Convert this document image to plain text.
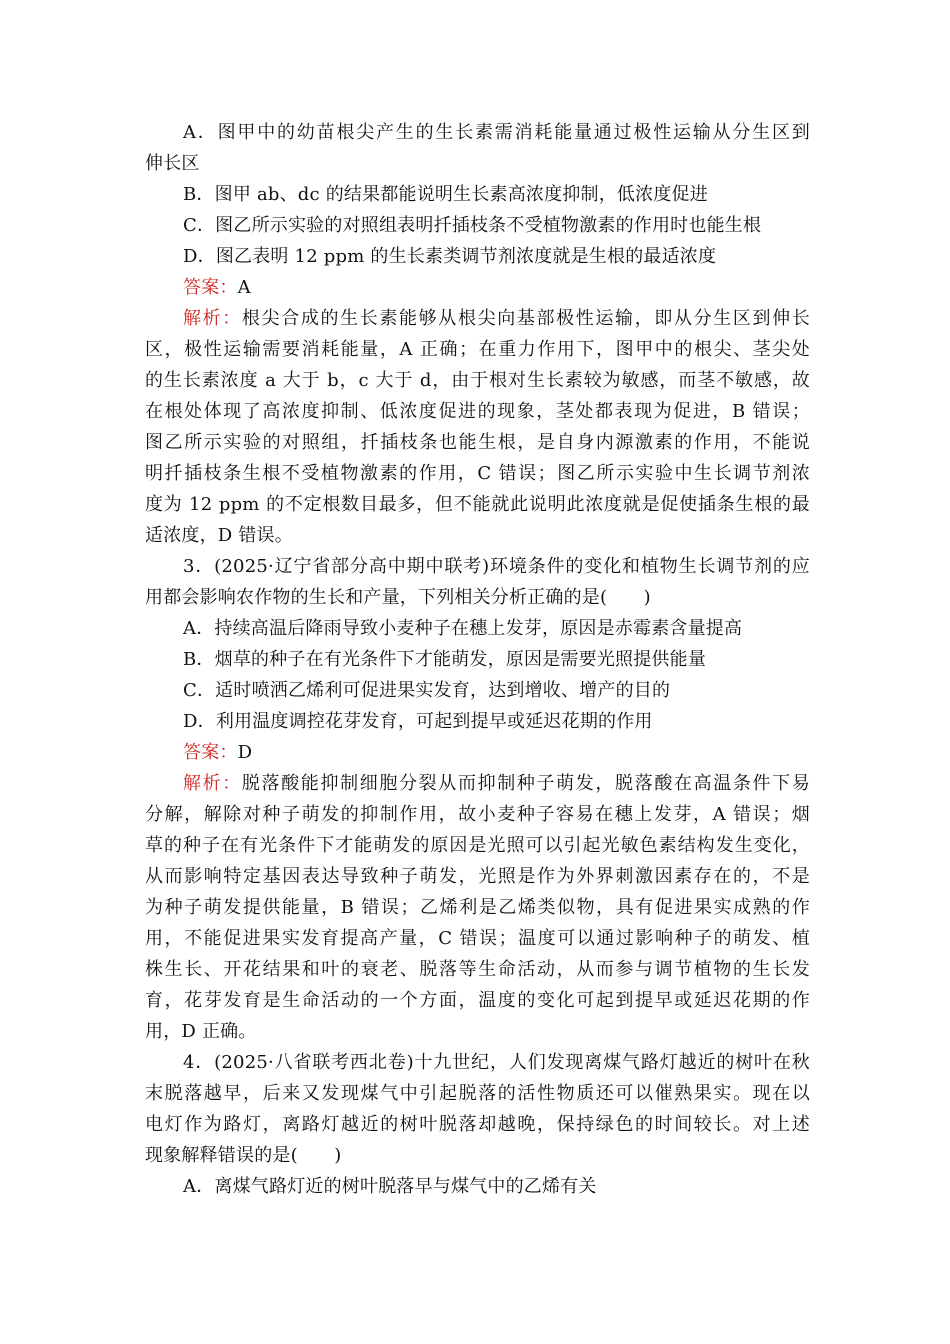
A．图甲中的幼苗根尖产生的生长素需消耗能量通过极性运输从分生区到
伸长区
B．图甲 ab、dc 的结果都能说明生长素高浓度抑制，低浓度促进
C．图乙所示实验的对照组表明扦插枝条不受植物激素的作用时也能生根
D．图乙表明 12 ppm 的生长素类调节剂浓度就是生根的最适浓度
答案：A
解析：根尖合成的生长素能够从根尖向基部极性运输，即从分生区到伸长
区，极性运输需要消耗能量，A 正确；在重力作用下，图甲中的根尖、茎尖处
的生长素浓度 a 大于 b，c 大于 d，由于根对生长素较为敏感，而茎不敏感，故
在根处体现了高浓度抑制、低浓度促进的现象，茎处都表现为促进，B 错误；
图乙所示实验的对照组，扦插枝条也能生根，是自身内源激素的作用，不能说
明扦插枝条生根不受植物激素的作用，C 错误；图乙所示实验中生长调节剂浓
度为 12 ppm 的不定根数目最多，但不能就此说明此浓度就是促使插条生根的最
适浓度，D 错误。
3．(2025·辽宁省部分高中期中联考)环境条件的变化和植物生长调节剂的应
用都会影响农作物的生长和产量，下列相关分析正确的是(　　)
A．持续高温后降雨导致小麦种子在穗上发芽，原因是赤霉素含量提高
B．烟草的种子在有光条件下才能萌发，原因是需要光照提供能量
C．适时喷洒乙烯利可促进果实发育，达到增收、增产的目的
D．利用温度调控花芽发育，可起到提早或延迟花期的作用
答案：D
解析：脱落酸能抑制细胞分裂从而抑制种子萌发，脱落酸在高温条件下易
分解，解除对种子萌发的抑制作用，故小麦种子容易在穗上发芽，A 错误；烟
草的种子在有光条件下才能萌发的原因是光照可以引起光敏色素结构发生变化，
从而影响特定基因表达导致种子萌发，光照是作为外界刺激因素存在的，不是
为种子萌发提供能量，B 错误；乙烯利是乙烯类似物，具有促进果实成熟的作
用，不能促进果实发育提高产量，C 错误；温度可以通过影响种子的萌发、植
株生长、开花结果和叶的衰老、脱落等生命活动，从而参与调节植物的生长发
育，花芽发育是生命活动的一个方面，温度的变化可起到提早或延迟花期的作
用，D 正确。
4．(2025·八省联考西北卷)十九世纪，人们发现离煤气路灯越近的树叶在秋
末脱落越早，后来又发现煤气中引起脱落的活性物质还可以催熟果实。现在以
电灯作为路灯，离路灯越近的树叶脱落却越晚，保持绿色的时间较长。对上述
现象解释错误的是(　　)
A．离煤气路灯近的树叶脱落早与煤气中的乙烯有关
